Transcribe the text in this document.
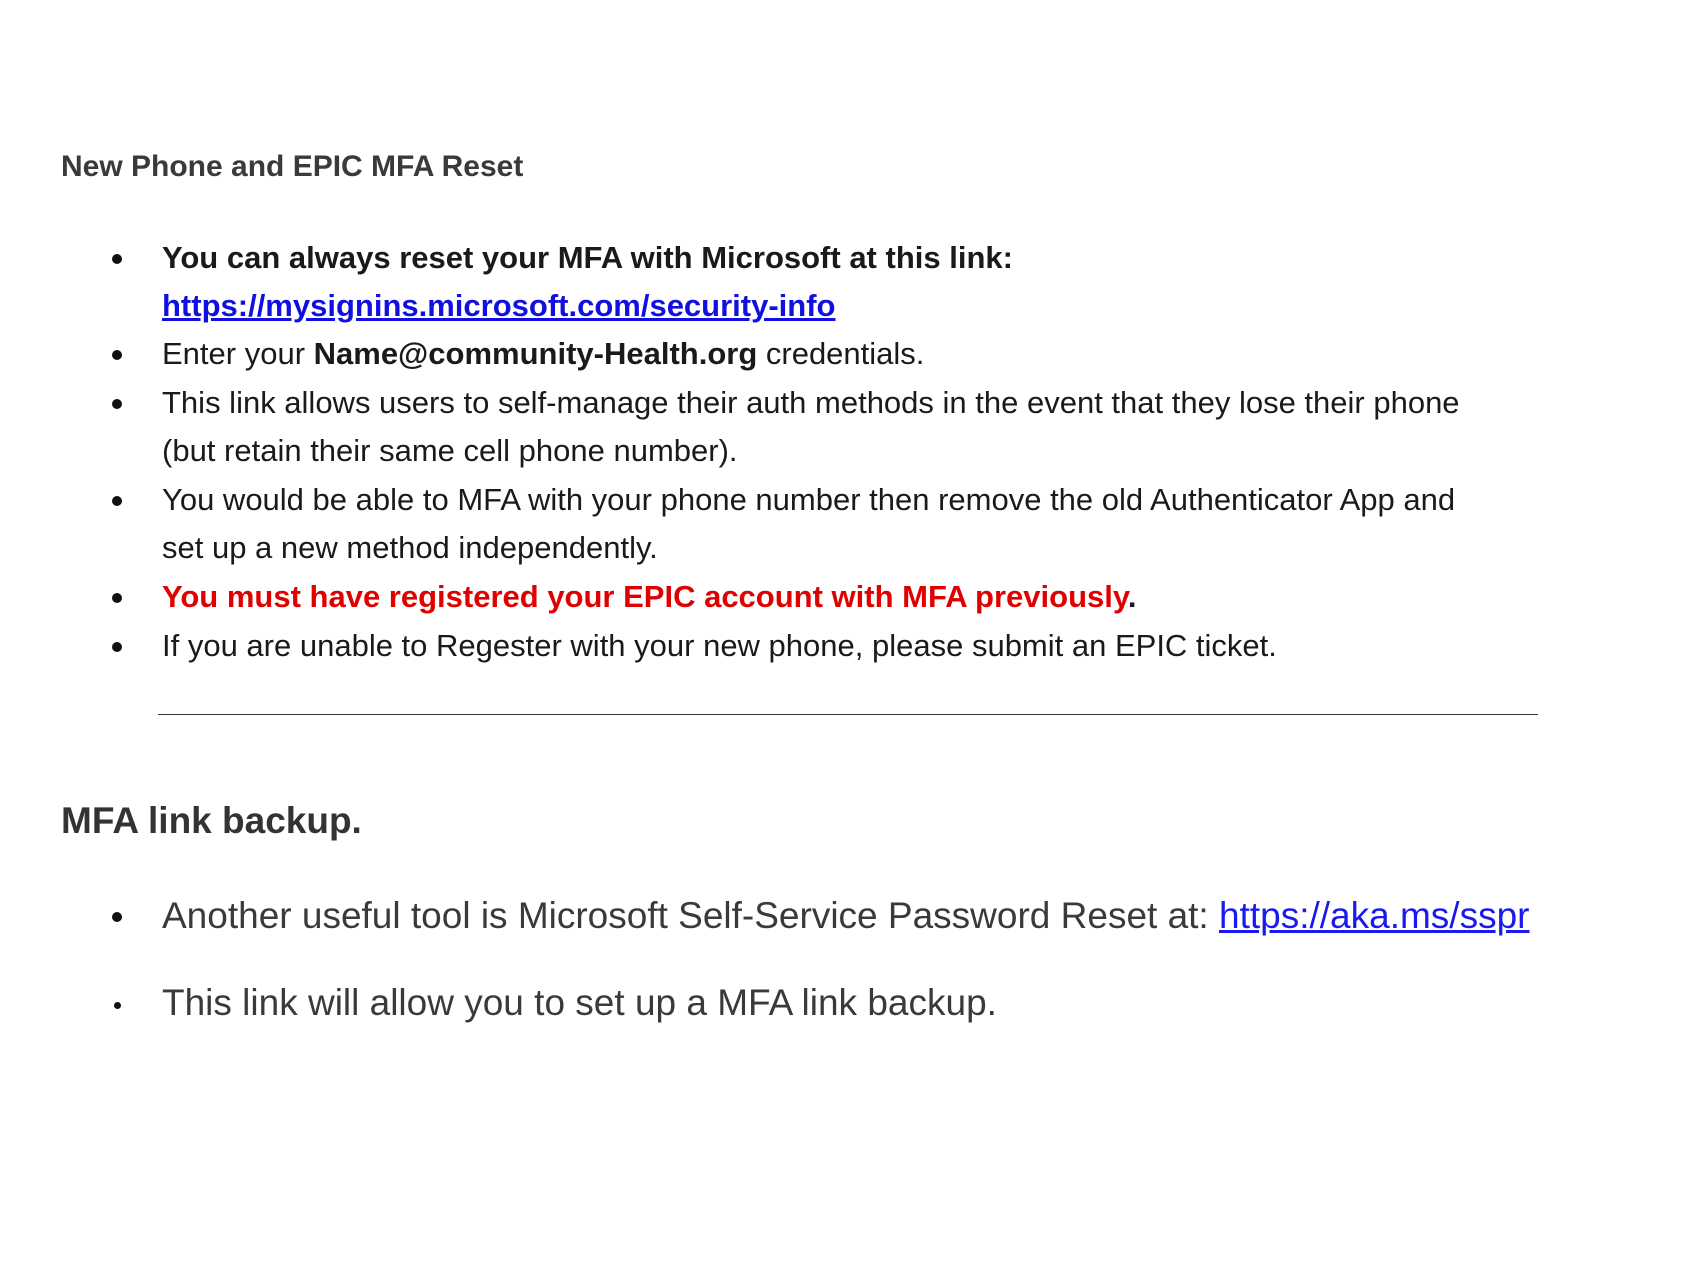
New Phone and EPIC MFA Reset
You can always reset your MFA with Microsoft at this link:
https://mysignins.microsoft.com/security-info
Enter your Name@community-Health.org credentials.
This link allows users to self-manage their auth methods in the event that they lose their phone
(but retain their same cell phone number).
You would be able to MFA with your phone number then remove the old Authenticator App and
set up a new method independently.
You must have registered your EPIC account with MFA previously.
If you are unable to Regester with your new phone, please submit an EPIC ticket.
MFA link backup.
Another useful tool is Microsoft Self-Service Password Reset at: https://aka.ms/sspr
This link will allow you to set up a MFA link backup.
